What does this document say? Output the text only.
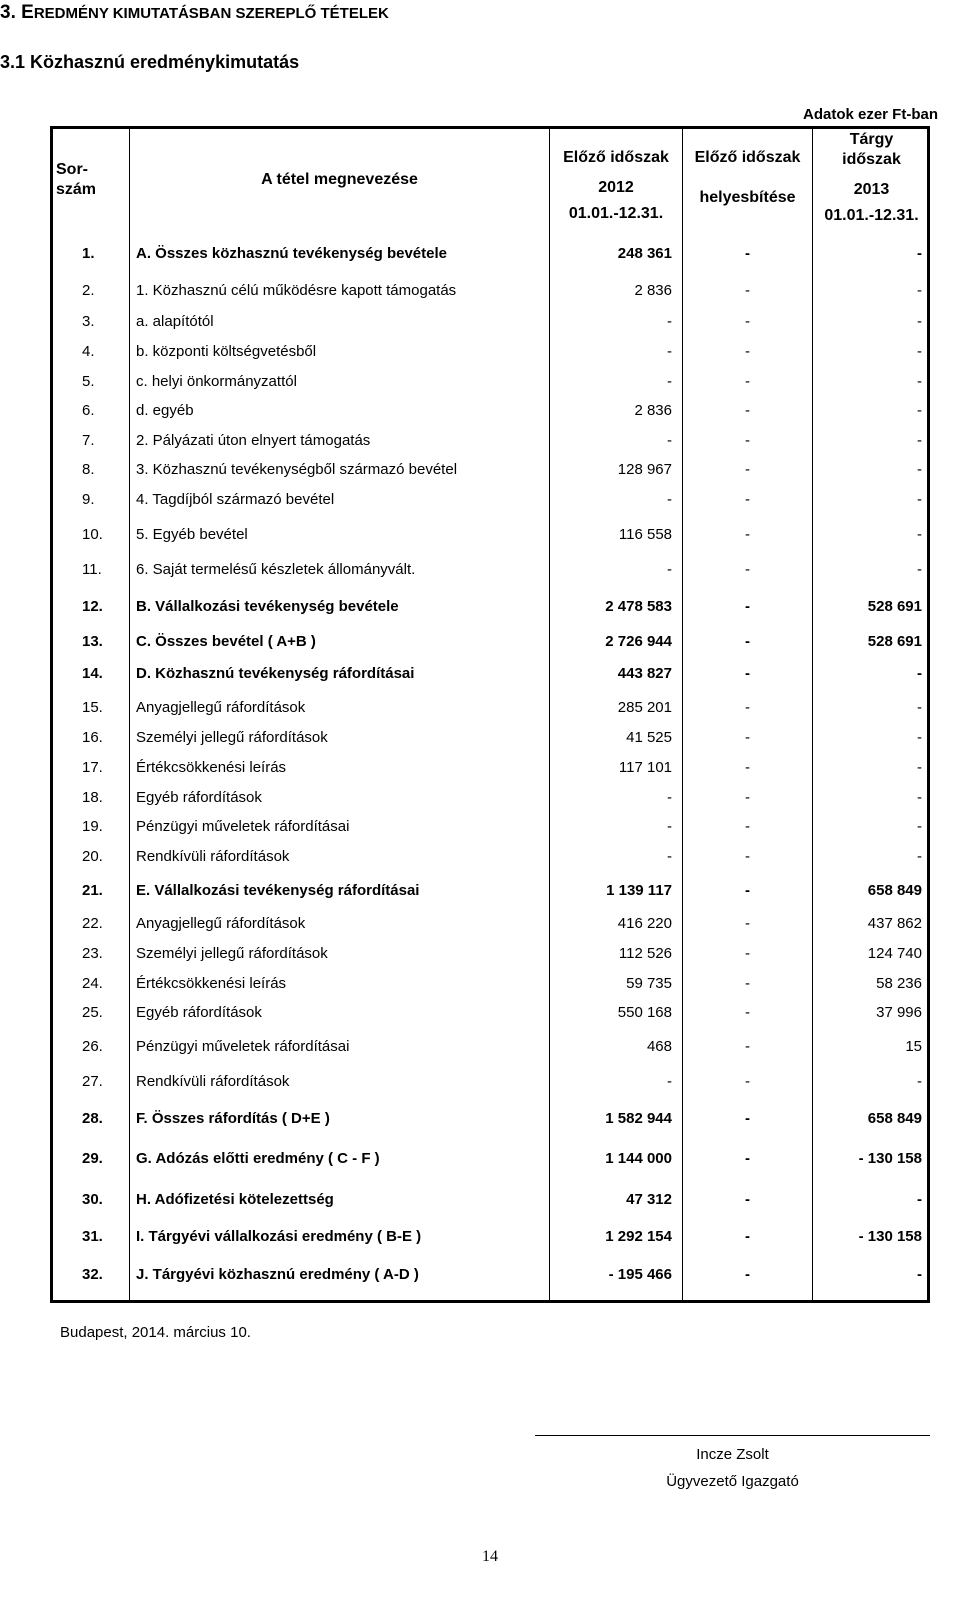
3. EREDMÉNY KIMUTATÁSBAN SZEREPLŐ TÉTELEK
3.1 Közhasznú eredménykimutatás
Adatok ezer Ft-ban
Sor-
szám
A tétel megnevezése
Előző időszak
2012
01.01.-12.31.
Előző időszak
helyesbítése
Tárgy
időszak
2013
01.01.-12.31.
1.	A. Összes közhasznú tevékenység bevétele	248 361	-	-
2.	1. Közhasznú célú működésre kapott támogatás	2 836	-	-
3.	a. alapítótól	-	-	-
4.	b. központi költségvetésből	-	-	-
5.	c. helyi önkormányzattól	-	-	-
6.	d. egyéb	2 836	-	-
7.	2. Pályázati úton elnyert támogatás	-	-	-
8.	3. Közhasznú tevékenységből származó bevétel	128 967	-	-
9.	4. Tagdíjból származó bevétel	-	-	-
10.	5. Egyéb bevétel	116 558	-	-
11.	6. Saját termelésű készletek állományvált.	-	-	-
12.	B. Vállalkozási tevékenység bevétele	2 478 583	-	528 691
13.	C. Összes bevétel ( A+B )	2 726 944	-	528 691
14.	D. Közhasznú tevékenység ráfordításai	443 827	-	-
15.	Anyagjellegű ráfordítások	285 201	-	-
16.	Személyi jellegű ráfordítások	41 525	-	-
17.	Értékcsökkenési leírás	117 101	-	-
18.	Egyéb ráfordítások	-	-	-
19.	Pénzügyi műveletek ráfordításai	-	-	-
20.	Rendkívüli ráfordítások	-	-	-
21.	E. Vállalkozási tevékenység ráfordításai	1 139 117	-	658 849
22.	Anyagjellegű ráfordítások	416 220	-	437 862
23.	Személyi jellegű ráfordítások	112 526	-	124 740
24.	Értékcsökkenési leírás	59 735	-	58 236
25.	Egyéb ráfordítások	550 168	-	37 996
26.	Pénzügyi műveletek ráfordításai	468	-	15
27.	Rendkívüli ráfordítások	-	-	-
28.	F. Összes ráfordítás ( D+E )	1 582 944	-	658 849
29.	G. Adózás előtti eredmény ( C - F )	1 144 000	-	- 130 158
30.	H. Adófizetési kötelezettség	47 312	-	-
31.	I. Tárgyévi vállalkozási eredmény ( B-E )	1 292 154	-	- 130 158
32.	J. Tárgyévi közhasznú eredmény ( A-D )	- 195 466	-	-
Budapest, 2014. március 10.
Incze Zsolt
Ügyvezető Igazgató
14
